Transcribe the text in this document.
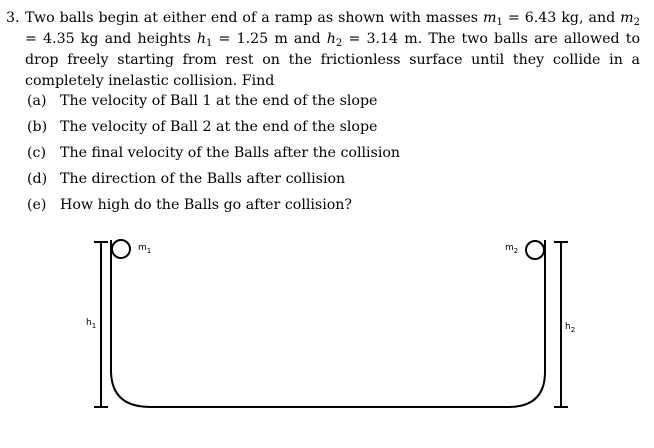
3. Two balls begin at either end of a ramp as shown with masses $m_1 = 6.43$ kg, and $m_2 = 4.35$ kg and heights $h_1 = 1.25$ m and $h_2 = 3.14$ m. The two balls are allowed to drop freely starting from rest on the frictionless surface until they collide in a completely inelastic collision. Find
(a) The velocity of Ball 1 at the end of the slope
(b) The velocity of Ball 2 at the end of the slope
(c) The final velocity of the Balls after the collision
(d) The direction of the Balls after collision
(e) How high do the Balls go after collision?
$m_1$	$m_2$
$h_1$	$h_2$
